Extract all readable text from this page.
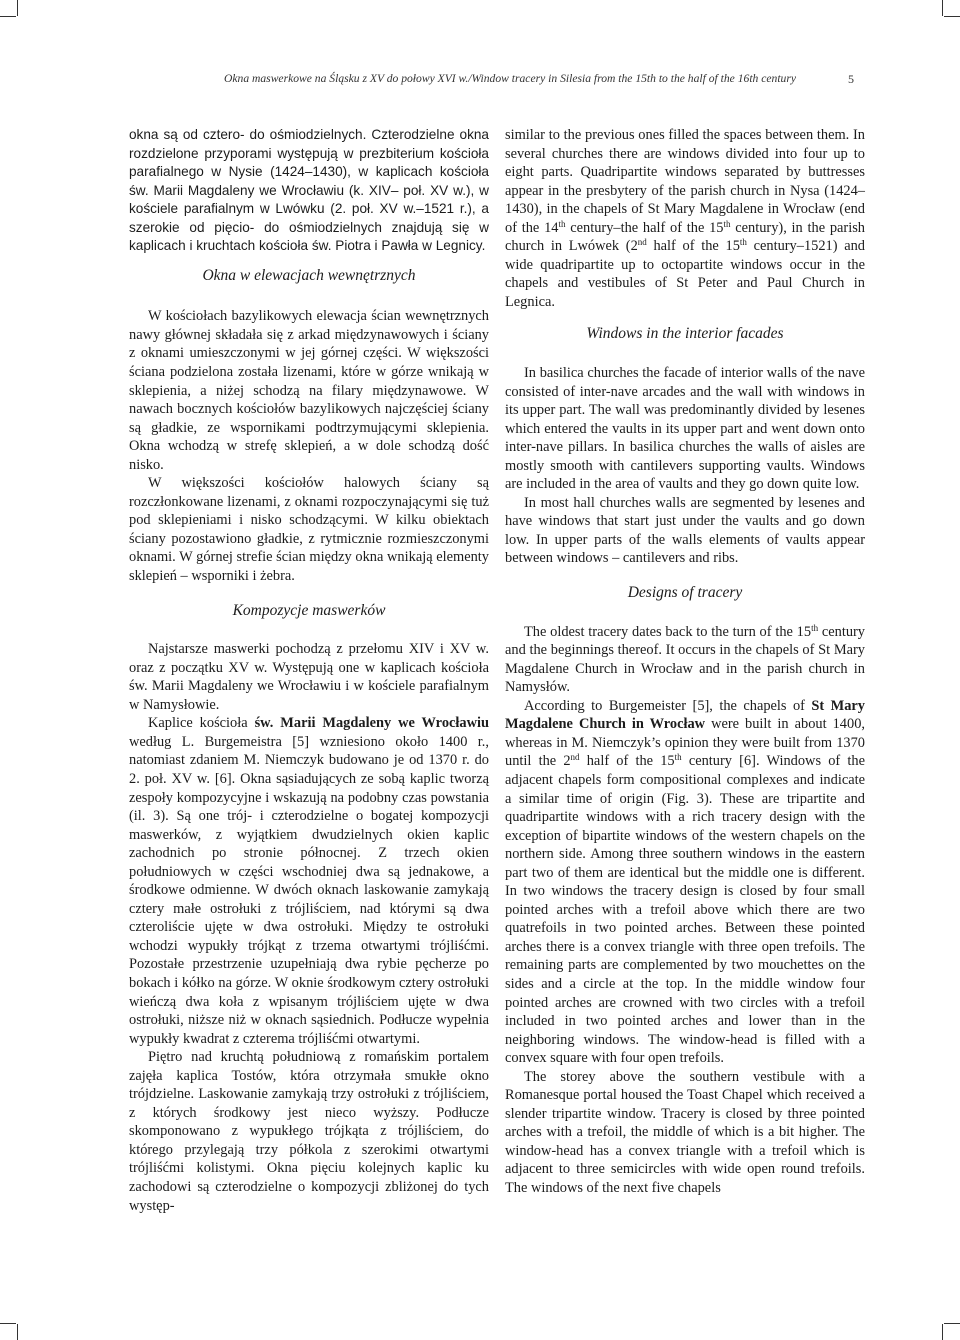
Okna maswerkowe na Śląsku z XV do połowy XVI w./Window tracery in Silesia from the 15th to the half of the 16th century	5

okna są od cztero- do ośmiodzielnych. Czterodzielne okna rozdzielone przyporami występują w prezbiterium kościoła parafialnego w Nysie (1424–1430), w kaplicach kościoła św. Marii Magdaleny we Wrocławiu (k. XIV– poł. XV w.), w kościele parafialnym w Lwówku (2. poł. XV w.–1521 r.), a szerokie od pięcio- do ośmiodzielnych znajdują się w kaplicach i kruchtach kościoła św. Piotra i Pawła w Legnicy.

Okna w elewacjach wewnętrznych

W kościołach bazylikowych elewacja ścian wewnętrznych nawy głównej składała się z arkad międzynawowych i ściany z oknami umieszczonymi w jej górnej części. W większości ściana podzielona została lizenami, które w górze wnikają w sklepienia, a niżej schodzą na filary międzynawowe. W nawach bocznych kościołów bazylikowych najczęściej ściany są gładkie, ze wspornikami podtrzymującymi sklepienia. Okna wchodzą w strefę sklepień, a w dole schodzą dość nisko.

W większości kościołów halowych ściany są rozczłonkowane lizenami, z oknami rozpoczynającymi się tuż pod sklepieniami i nisko schodzącymi. W kilku obiektach ściany pozostawiono gładkie, z rytmicznie rozmieszczonymi oknami. W górnej strefie ścian między okna wnikają elementy sklepień – wsporniki i żebra.

Kompozycje maswerków

Najstarsze maswerki pochodzą z przełomu XIV i XV w. oraz z początku XV w. Występują one w kaplicach kościoła św. Marii Magdaleny we Wrocławiu i w kościele parafialnym w Namysłowie.

Kaplice kościoła św. Marii Magdaleny we Wrocławiu według L. Burgemeistra [5] wzniesiono około 1400 r., natomiast zdaniem M. Niemczyk budowano je od 1370 r. do 2. poł. XV w. [6]. Okna sąsiadujących ze sobą kaplic tworzą zespoły kompozycyjne i wskazują na podobny czas powstania (il. 3). Są one trój- i czterodzielne o bogatej kompozycji maswerków, z wyjątkiem dwudzielnych okien kaplic zachodnich po stronie północnej. Z trzech okien południowych w części wschodniej dwa są jednakowe, a środkowe odmienne. W dwóch oknach laskowanie zamykają cztery małe ostrołuki z trójliściem, nad którymi są dwa czteroliście ujęte w dwa ostrołuki. Między te ostrołuki wchodzi wypukły trójkąt z trzema otwartymi trójliśćmi. Pozostałe przestrzenie uzupełniają dwa rybie pęcherze po bokach i kółko na górze. W oknie środkowym cztery ostrołuki wieńczą dwa koła z wpisanym trójliściem ujęte w dwa ostrołuki, niższe niż w oknach sąsiednich. Podłucze wypełnia wypukły kwadrat z czterema trójliśćmi otwartymi.

Piętro nad kruchtą południową z romańskim portalem zajęła kaplica Tostów, która otrzymała smukłe okno trójdzielne. Laskowanie zamykają trzy ostrołuki z trójliściem, z których środkowy jest nieco wyższy. Podłucze skomponowano z wypukłego trójkąta z trójliściem, do którego przylegają trzy półkola z szerokimi otwartymi trójliśćmi kolistymi. Okna pięciu kolejnych kaplic ku zachodowi są czterodzielne o kompozycji zbliżonej do tych występ-

similar to the previous ones filled the spaces between them. In several churches there are windows divided into four up to eight parts. Quadripartite windows separated by buttresses appear in the presbytery of the parish church in Nysa (1424–1430), in the chapels of St Mary Magdalene in Wrocław (end of the 14th century–the half of the 15th century), in the parish church in Lwówek (2nd half of the 15th century–1521) and wide quadripartite up to octopartite windows occur in the chapels and vestibules of St Peter and Paul Church in Legnica.

Windows in the interior facades

In basilica churches the facade of interior walls of the nave consisted of inter-nave arcades and the wall with windows in its upper part. The wall was predominantly divided by lesenes which entered the vaults in its upper part and went down onto inter-nave pillars. In basilica churches the walls of aisles are mostly smooth with cantilevers supporting vaults. Windows are included in the area of vaults and they go down quite low.

In most hall churches walls are segmented by lesenes and have windows that start just under the vaults and go down low. In upper parts of the walls elements of vaults appear between windows – cantilevers and ribs.

Designs of tracery

The oldest tracery dates back to the turn of the 15th century and the beginnings thereof. It occurs in the chapels of St Mary Magdalene Church in Wrocław and in the parish church in Namysłów.

According to Burgemeister [5], the chapels of St Mary Magdalene Church in Wrocław were built in about 1400, whereas in M. Niemczyk’s opinion they were built from 1370 until the 2nd half of the 15th century [6]. Windows of the adjacent chapels form compositional complexes and indicate a similar time of origin (Fig. 3). These are tripartite and quadripartite windows with a rich tracery design with the exception of bipartite windows of the western chapels on the northern side. Among three southern windows in the eastern part two of them are identical but the middle one is different. In two windows the tracery design is closed by four small pointed arches with a trefoil above which there are two quatrefoils in two pointed arches. Between these pointed arches there is a convex triangle with three open trefoils. The remaining parts are complemented by two mouchettes on the sides and a circle at the top. In the middle window four pointed arches are crowned with two circles with a trefoil included in two pointed arches and lower than in the neighboring windows. The window-head is filled with a convex square with four open trefoils.

The storey above the southern vestibule with a Romanesque portal housed the Toast Chapel which received a slender tripartite window. Tracery is closed by three pointed arches with a trefoil, the middle of which is a bit higher. The window-head has a convex triangle with a trefoil which is adjacent to three semicircles with wide open round trefoils. The windows of the next five chapels
